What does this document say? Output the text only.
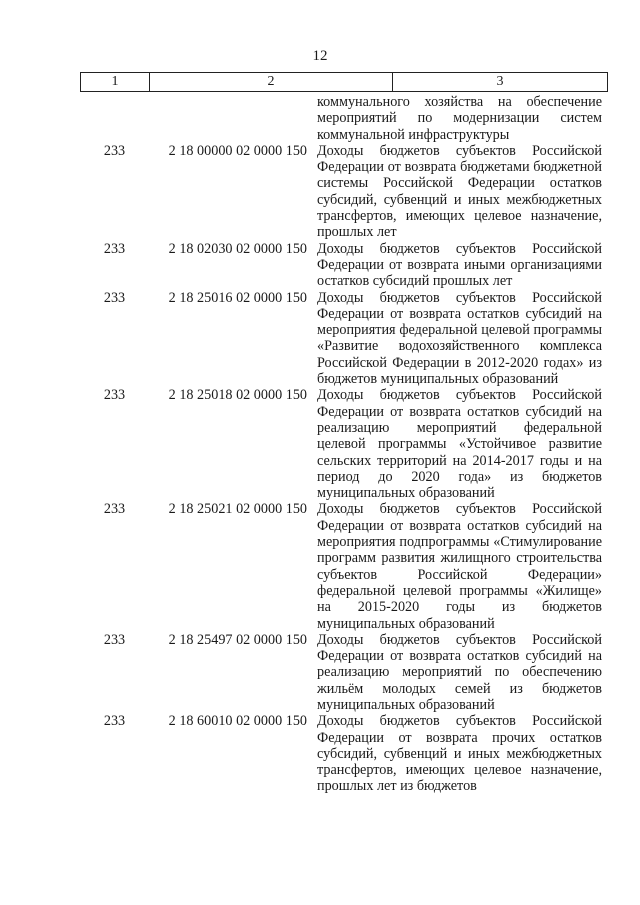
12
1	2	3

коммунального хозяйства на обеспечение мероприятий по модернизации систем коммунальной инфраструктуры

233	2 18 00000 02 0000 150 Доходы бюджетов субъектов Российской Федерации от возврата бюджетами бюджетной системы Российской Федерации остатков субсидий, субвенций и иных межбюджетных трансфертов, имеющих целевое назначение, прошлых лет

233	2 18 02030 02 0000 150 Доходы бюджетов субъектов Российской Федерации от возврата иными организациями остатков субсидий прошлых лет

233	2 18 25016 02 0000 150 Доходы бюджетов субъектов Российской Федерации от возврата остатков субсидий на мероприятия федеральной целевой программы «Развитие водохозяйственного комплекса Российской Федерации в 2012-2020 годах» из бюджетов муниципальных образований

233	2 18 25018 02 0000 150 Доходы бюджетов субъектов Российской Федерации от возврата остатков субсидий на реализацию мероприятий федеральной целевой программы «Устойчивое развитие сельских территорий на 2014-2017 годы и на период до 2020 года» из бюджетов муниципальных образований

233	2 18 25021 02 0000 150 Доходы бюджетов субъектов Российской Федерации от возврата остатков субсидий на мероприятия подпрограммы «Стимулирование программ развития жилищного строительства субъектов Российской Федерации» федеральной целевой программы «Жилище» на 2015-2020 годы из бюджетов муниципальных образований

233	2 18 25497 02 0000 150 Доходы бюджетов субъектов Российской Федерации от возврата остатков субсидий на реализацию мероприятий по обеспечению жильём молодых семей из бюджетов муниципальных образований

233	2 18 60010 02 0000 150 Доходы бюджетов субъектов Российской Федерации от возврата прочих остатков субсидий, субвенций и иных межбюджетных трансфертов, имеющих целевое назначение, прошлых лет из бюджетов
